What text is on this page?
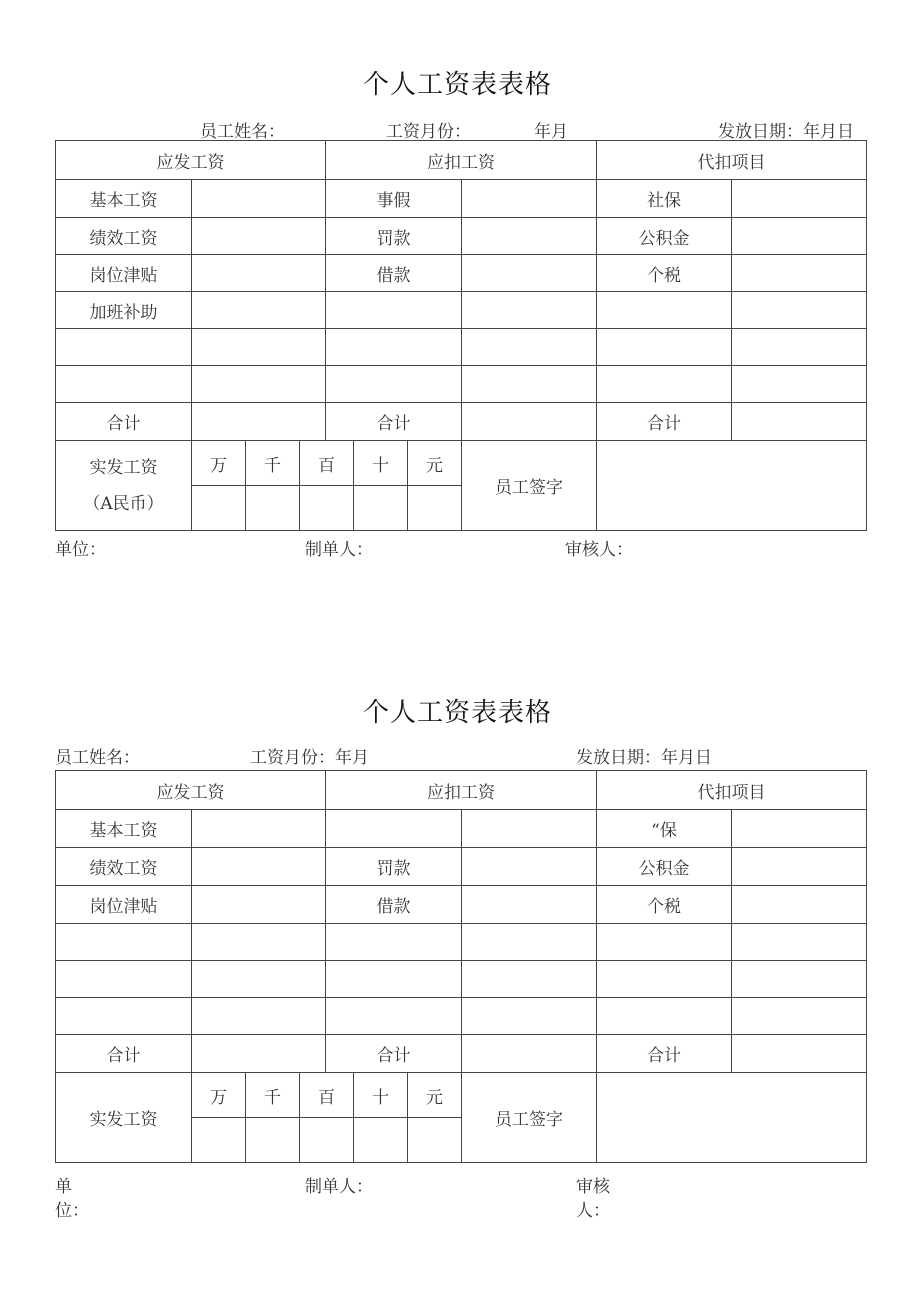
个人工资表表格
员工姓名：	工资月份：	年月	发放日期：年月日
应发工资				应扣工资				代扣项目	
基本工资				事假				社保	
绩效工资				罚款				公积金	
岗位津贴				借款				个税	
加班补助									

合计				合计				合计	

实发工资
（A民币）	万	千	百		十	元	员工签字		

单位：	制单人：	审核人：
个人工资表表格
员工姓名：	工资月份：年月	发放日期：年月日
应发工资				应扣工资				代扣项目	
基本工资								“保	
绩效工资				罚款				公积金	
岗位津贴				借款				个税	

合计				合计				合计	
实发工资	万	千	百		十	元	员工签字		

单
位：
制单人：	审核
人：
